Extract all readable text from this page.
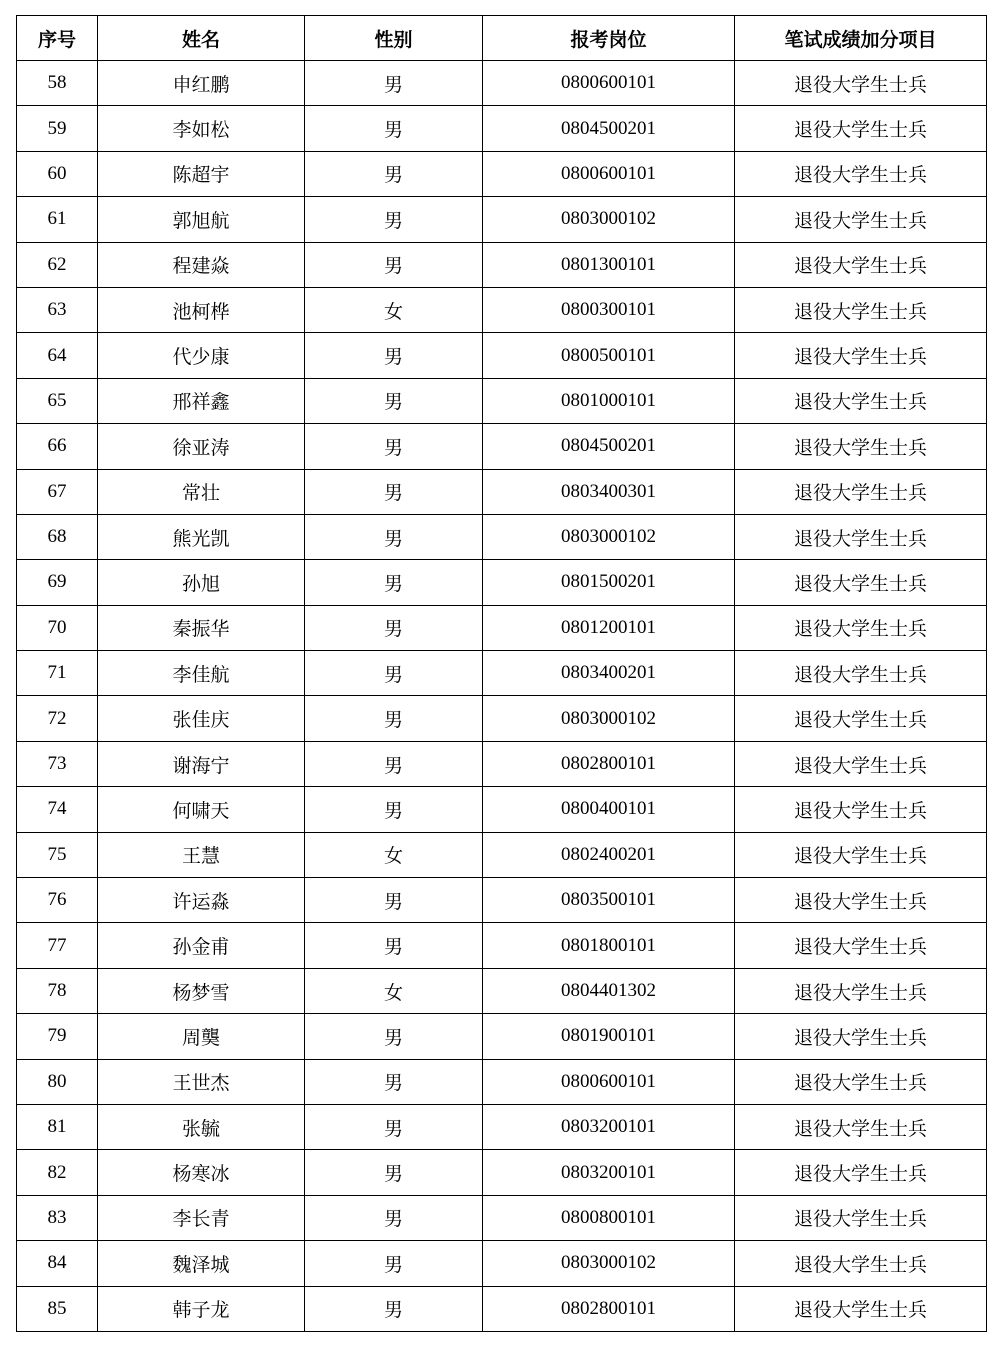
序号	姓名	性别	报考岗位	笔试成绩加分项目
58	申红鹏	男	0800600101	退役大学生士兵
59	李如松	男	0804500201	退役大学生士兵
60	陈超宇	男	0800600101	退役大学生士兵
61	郭旭航	男	0803000102	退役大学生士兵
62	程建焱	男	0801300101	退役大学生士兵
63	池柯桦	女	0800300101	退役大学生士兵
64	代少康	男	0800500101	退役大学生士兵
65	邢祥鑫	男	0801000101	退役大学生士兵
66	徐亚涛	男	0804500201	退役大学生士兵
67	常壮	男	0803400301	退役大学生士兵
68	熊光凯	男	0803000102	退役大学生士兵
69	孙旭	男	0801500201	退役大学生士兵
70	秦振华	男	0801200101	退役大学生士兵
71	李佳航	男	0803400201	退役大学生士兵
72	张佳庆	男	0803000102	退役大学生士兵
73	谢海宁	男	0802800101	退役大学生士兵
74	何啸天	男	0800400101	退役大学生士兵
75	王慧	女	0802400201	退役大学生士兵
76	许运淼	男	0803500101	退役大学生士兵
77	孙金甫	男	0801800101	退役大学生士兵
78	杨梦雪	女	0804401302	退役大学生士兵
79	周龑	男	0801900101	退役大学生士兵
80	王世杰	男	0800600101	退役大学生士兵
81	张毓	男	0803200101	退役大学生士兵
82	杨寒冰	男	0803200101	退役大学生士兵
83	李长青	男	0800800101	退役大学生士兵
84	魏泽城	男	0803000102	退役大学生士兵
85	韩子龙	男	0802800101	退役大学生士兵
